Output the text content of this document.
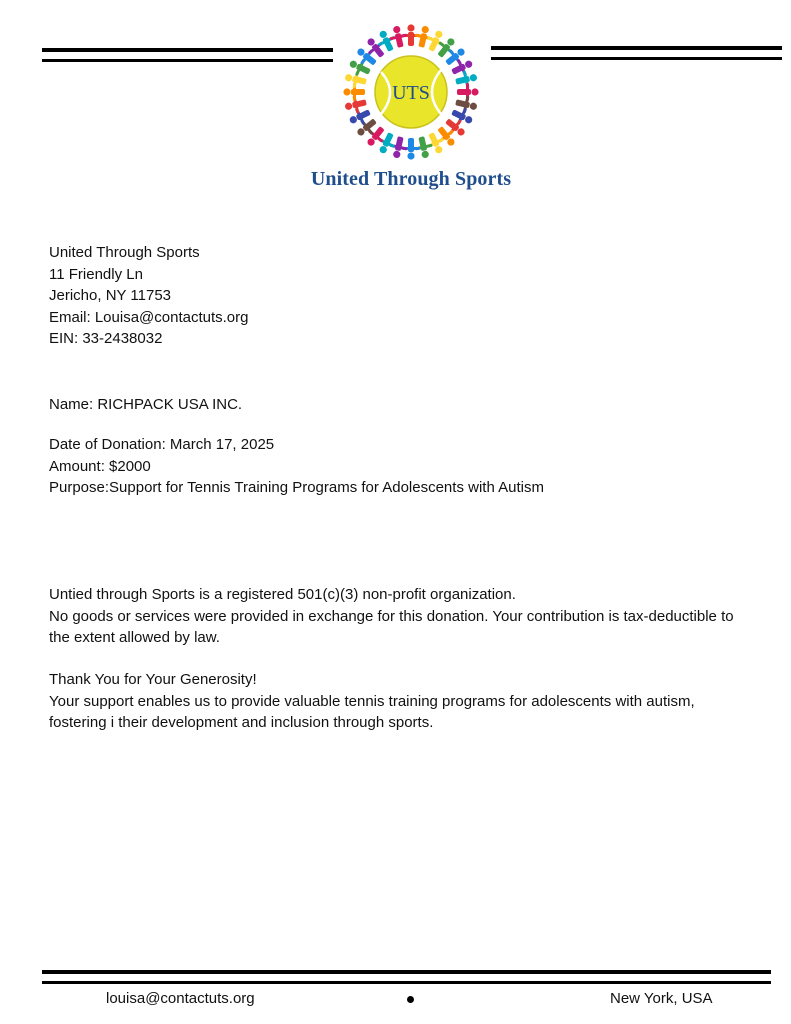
UTS
United Through Sports

United Through Sports

11 Friendly Ln

Jericho, NY 11753

Email: Louisa@contactuts.org

EIN: 33-2438032

Name: RICHPACK USA INC.

Date of Donation: March 17, 2025

Amount: $2000

Purpose:Support for Tennis Training Programs for Adolescents with Autism

Untied through Sports is a registered 501(c)(3) non-profit organization.

No goods or services were provided in exchange for this donation. Your contribution is tax-deductible to the extent allowed by law.

Thank You for Your Generosity!

Your support enables us to provide valuable tennis training programs for adolescents with autism, fostering i their development and inclusion through sports.

louisa@contactuts.org	New York, USA
